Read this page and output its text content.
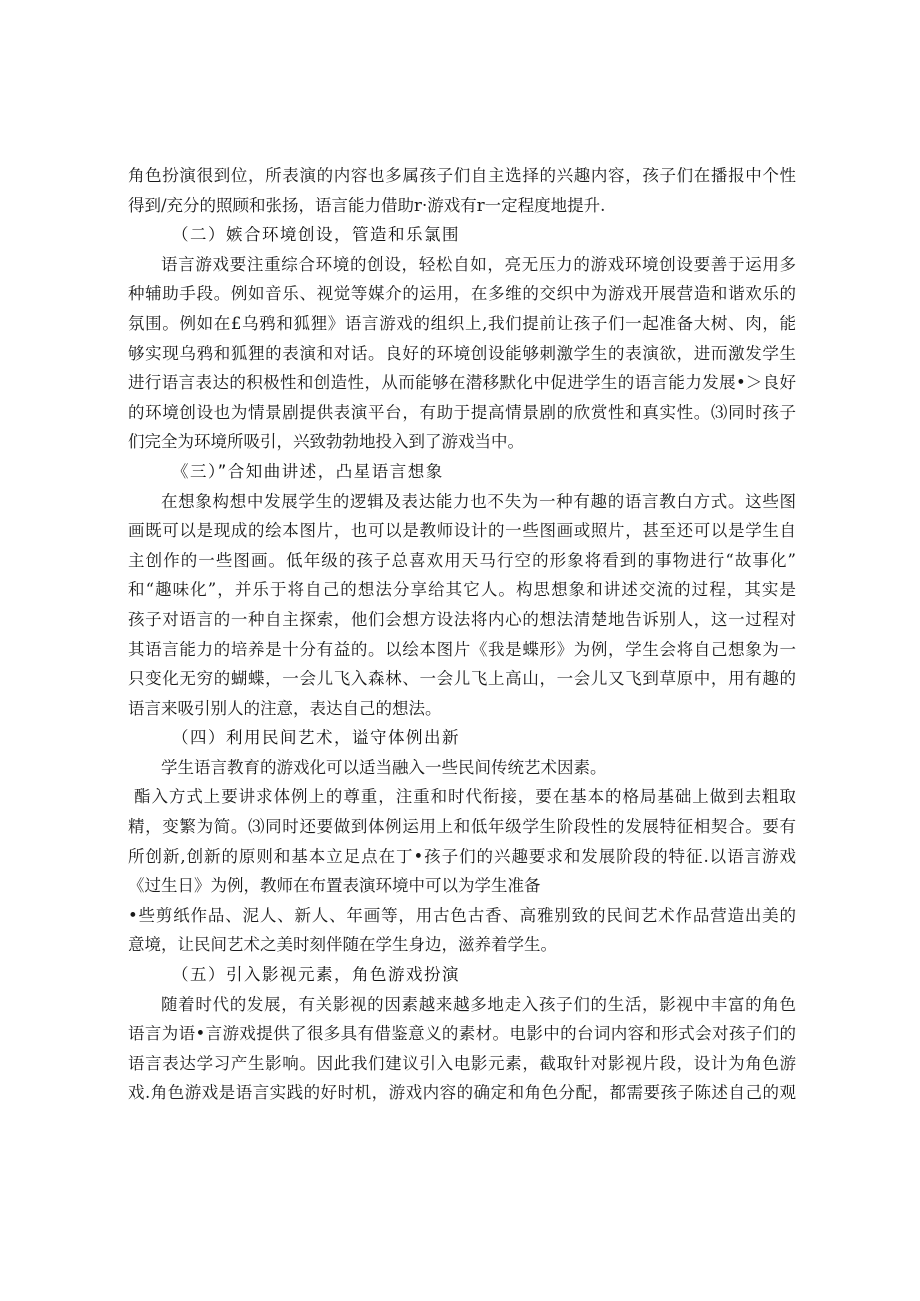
角色扮演很到位，所表演的内容也多属孩子们自主选择的兴趣内容，孩子们在播报中个性
得到/充分的照顾和张扬，语言能力借助r·游戏有r一定程度地提升.
（二）嫉合环境创设，管造和乐氯围
语言游戏要注重综合环境的创设，轻松自如，亮无压力的游戏环境创设要善于运用多
种辅助手段。例如音乐、视觉等媒介的运用，在多维的交织中为游戏开展营造和谐欢乐的
氛围。例如在£乌鸦和狐狸》语言游戏的组织上,我们提前让孩子们一起准备大树、肉，能
够实现乌鸦和狐狸的表演和对话。良好的环境创设能够刺激学生的表演欲，进而激发学生
进行语言表达的积极性和创造性，从而能够在潜移默化中促进学生的语言能力发展•＞良好
的环境创设也为情景剧提供表演平台，有助于提高情景剧的欣赏性和真实性。⑶同时孩子
们完全为环境所吸引，兴致勃勃地投入到了游戏当中。
《三）”合知曲讲述，凸星语言想象
在想象构想中发展学生的逻辑及表达能力也不失为一种有趣的语言教白方式。这些图
画既可以是现成的绘本图片，也可以是教师设计的一些图画或照片，甚至还可以是学生自
主创作的一些图画。低年级的孩子总喜欢用天马行空的形象将看到的事物进行“故事化”
和“趣味化”，并乐于将自己的想法分享给其它人。构思想象和讲述交流的过程，其实是
孩子对语言的一种自主探索，他们会想方设法将内心的想法清楚地告诉别人，这一过程对
其语言能力的培养是十分有益的。以绘本图片《我是蝶形》为例，学生会将自己想象为一
只变化无穷的蝴蝶，一会儿飞入森林、一会儿飞上高山，一会儿又飞到草原中，用有趣的
语言来吸引别人的注意，表达自己的想法。
（四）利用民间艺术，谥守体例出新
学生语言教育的游戏化可以适当融入一些民间传统艺术因素。
酯入方式上要讲求体例上的尊重，注重和时代衔接，要在基本的格局基础上做到去粗取
精，变繁为简。⑶同时还要做到体例运用上和低年级学生阶段性的发展特征相契合。要有
所创新,创新的原则和基本立足点在丁•孩子们的兴趣要求和发展阶段的特征.以语言游戏
《过生日》为例，教师在布置表演环境中可以为学生准备
•些剪纸作品、泥人、新人、年画等，用古色古香、高雅别致的民间艺术作品营造出美的
意境，让民间艺术之美时刻伴随在学生身边，滋养着学生。
（五）引入影视元素，角色游戏扮演
随着时代的发展，有关影视的因素越来越多地走入孩子们的生活，影视中丰富的角色
语言为语•言游戏提供了很多具有借鉴意义的素材。电影中的台词内容和形式会对孩子们的
语言表达学习产生影响。因此我们建议引入电影元素，截取针对影视片段，设计为角色游
戏.角色游戏是语言实践的好时机，游戏内容的确定和角色分配，都需要孩子陈述自己的观
